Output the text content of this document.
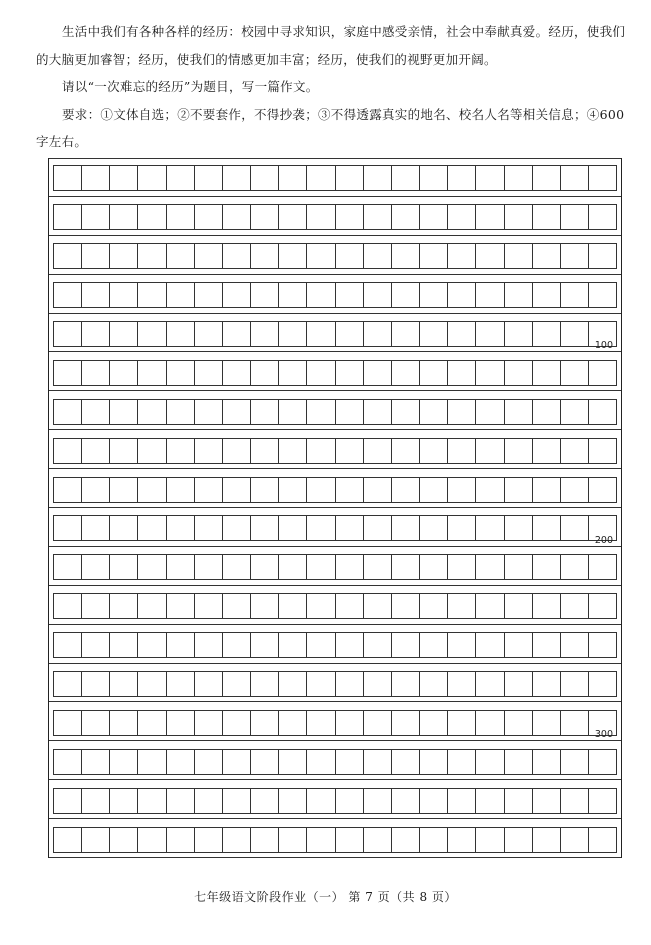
生活中我们有各种各样的经历：校园中寻求知识，家庭中感受亲情，社会中奉献真爱。经历，使我们的大脑更加睿智；经历，使我们的情感更加丰富；经历，使我们的视野更加开阔。

请以“一次难忘的经历”为题目，写一篇作文。

要求：①文体自选；②不要套作，不得抄袭；③不得透露真实的地名、校名人名等相关信息；④600字左右。

100
200
300
七年级语文阶段作业（一） 第 7 页（共 8 页）
